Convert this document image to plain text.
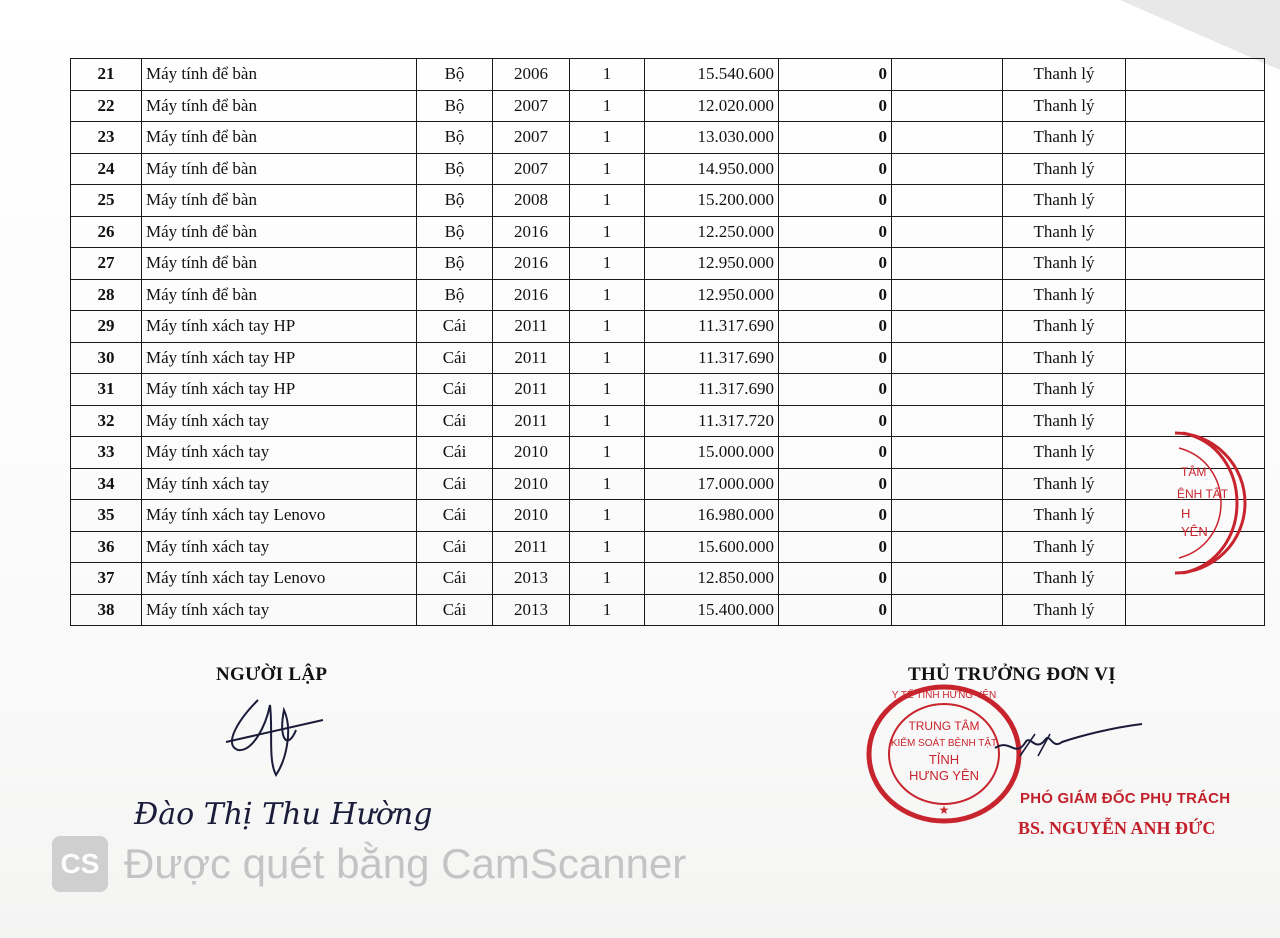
21	Máy tính để bàn	Bộ	2006	1	15.540.600	0		Thanh lý	
22	Máy tính để bàn	Bộ	2007	1	12.020.000	0		Thanh lý	
23	Máy tính để bàn	Bộ	2007	1	13.030.000	0		Thanh lý	
24	Máy tính để bàn	Bộ	2007	1	14.950.000	0		Thanh lý	
25	Máy tính để bàn	Bộ	2008	1	15.200.000	0		Thanh lý	
26	Máy tính để bàn	Bộ	2016	1	12.250.000	0		Thanh lý	
27	Máy tính để bàn	Bộ	2016	1	12.950.000	0		Thanh lý	
28	Máy tính để bàn	Bộ	2016	1	12.950.000	0		Thanh lý	
29	Máy tính xách tay HP	Cái	2011	1	11.317.690	0		Thanh lý	
30	Máy tính xách tay HP	Cái	2011	1	11.317.690	0		Thanh lý	
31	Máy tính xách tay HP	Cái	2011	1	11.317.690	0		Thanh lý	
32	Máy tính xách tay	Cái	2011	1	11.317.720	0		Thanh lý	
33	Máy tính xách tay	Cái	2010	1	15.000.000	0		Thanh lý	
34	Máy tính xách tay	Cái	2010	1	17.000.000	0		Thanh lý	
35	Máy tính xách tay Lenovo	Cái	2010	1	16.980.000	0		Thanh lý	
36	Máy tính xách tay	Cái	2011	1	15.600.000	0		Thanh lý	
37	Máy tính xách tay Lenovo	Cái	2013	1	12.850.000	0		Thanh lý	
38	Máy tính xách tay	Cái	2013	1	15.400.000	0		Thanh lý	
TÂM
ỆNH TẬT
H
YÊN
NGƯỜI LẬP	THỦ TRƯỞNG ĐƠN VỊ
Đào Thị Thu Hường
Y TẾ TỈNH HƯNG YÊN
TRUNG TÂM
KIỂM SOÁT BỆNH TẬT
TỈNH
HƯNG YÊN
★
PHÓ GIÁM ĐỐC PHỤ TRÁCH
BS. NGUYỄN ANH ĐỨC
CS Được quét bằng CamScanner
